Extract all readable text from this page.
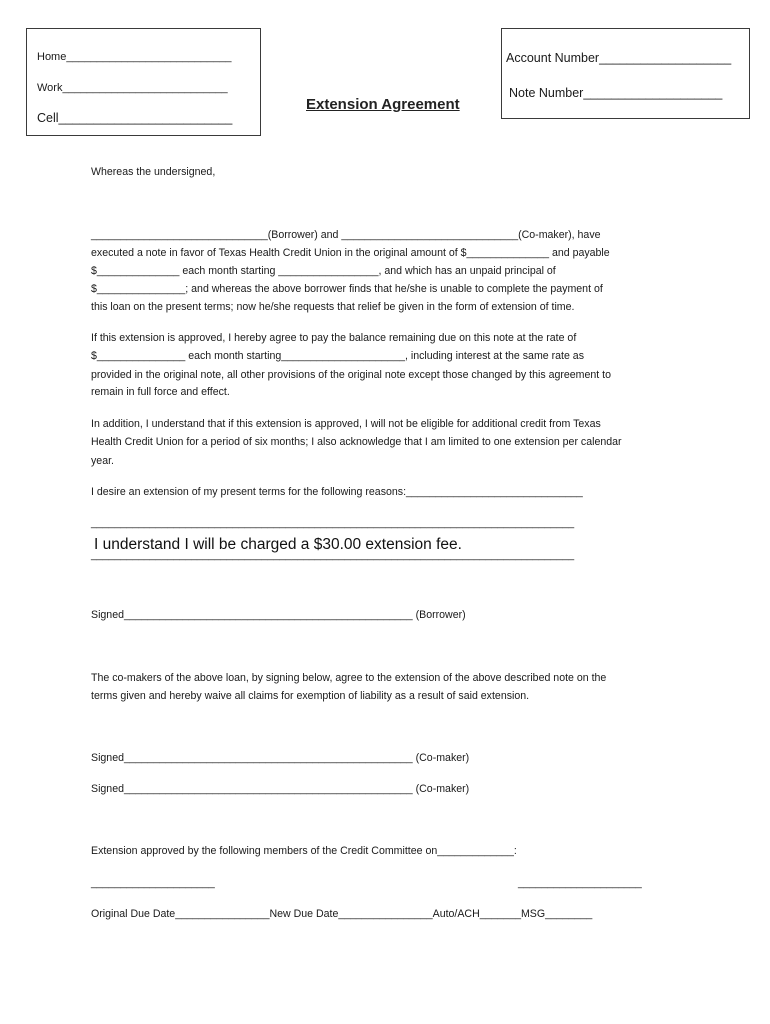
Home___________________________
Work___________________________
Cell_________________________
Extension Agreement
Account Number___________________
Note Number____________________
Whereas the undersigned,
______________________________(Borrower) and ______________________________(Co-maker), have
executed a note in favor of Texas Health Credit Union in the original amount of $______________ and payable
$______________ each month starting _________________, and which has an unpaid principal of
$_______________; and whereas the above borrower finds that he/she is unable to complete the payment of
this loan on the present terms; now he/she requests that relief be given in the form of extension of time.
If this extension is approved, I hereby agree to pay the balance remaining due on this note at the rate of
$_______________ each month starting_____________________, including interest at the same rate as
provided in the original note, all other provisions of the original note except those changed by this agreement to
remain in full force and effect.
In addition, I understand that if this extension is approved, I will not be eligible for additional credit from Texas
Health Credit Union for a period of six months; I also acknowledge that I am limited to one extension per calendar
year.
I desire an extension of my present terms for the following reasons:______________________________
__________________________________________________________________________________
I understand I will be charged a $30.00 extension fee.
__________________________________________________________________________________
Signed_________________________________________________ (Borrower)
The co-makers of the above loan, by signing below, agree to the extension of the above described note on the
terms given and hereby waive all claims for exemption of liability as a result of said extension.
Signed_________________________________________________ (Co-maker)
Signed_________________________________________________ (Co-maker)
Extension approved by the following members of the Credit Committee on_____________:
_____________________	_____________________
Original Due Date________________New Due Date________________Auto/ACH_______MSG________
